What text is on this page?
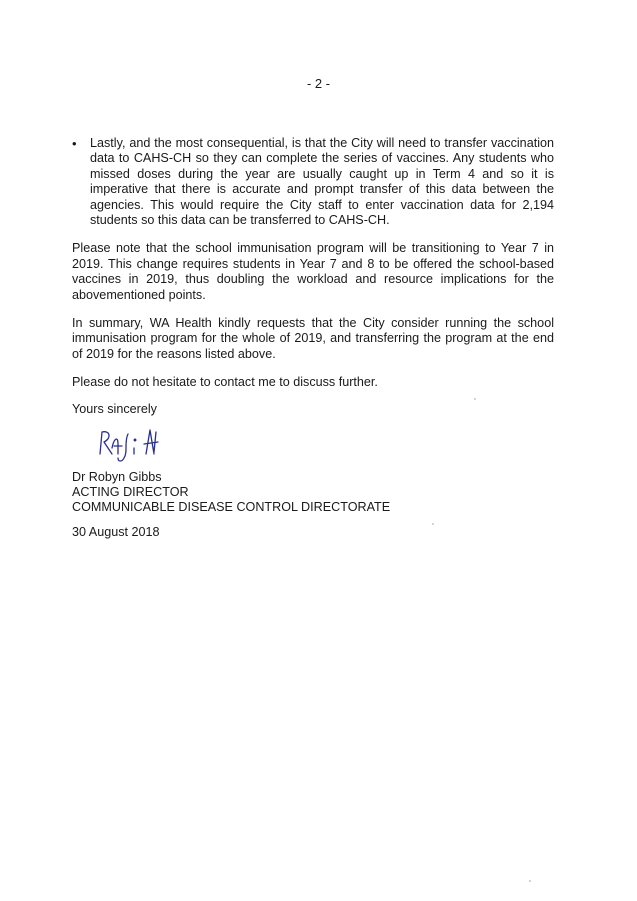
- 2 -
• Lastly, and the most consequential, is that the City will need to transfer vaccination data to CAHS-CH so they can complete the series of vaccines. Any students who missed doses during the year are usually caught up in Term 4 and so it is imperative that there is accurate and prompt transfer of this data between the agencies. This would require the City staff to enter vaccination data for 2,194 students so this data can be transferred to CAHS-CH.

Please note that the school immunisation program will be transitioning to Year 7 in 2019. This change requires students in Year 7 and 8 to be offered the school-based vaccines in 2019, thus doubling the workload and resource implications for the abovementioned points.

In summary, WA Health kindly requests that the City consider running the school immunisation program for the whole of 2019, and transferring the program at the end of 2019 for the reasons listed above.

Please do not hesitate to contact me to discuss further.

Yours sincerely

Dr Robyn Gibbs
ACTING DIRECTOR
COMMUNICABLE DISEASE CONTROL DIRECTORATE

30 August 2018
